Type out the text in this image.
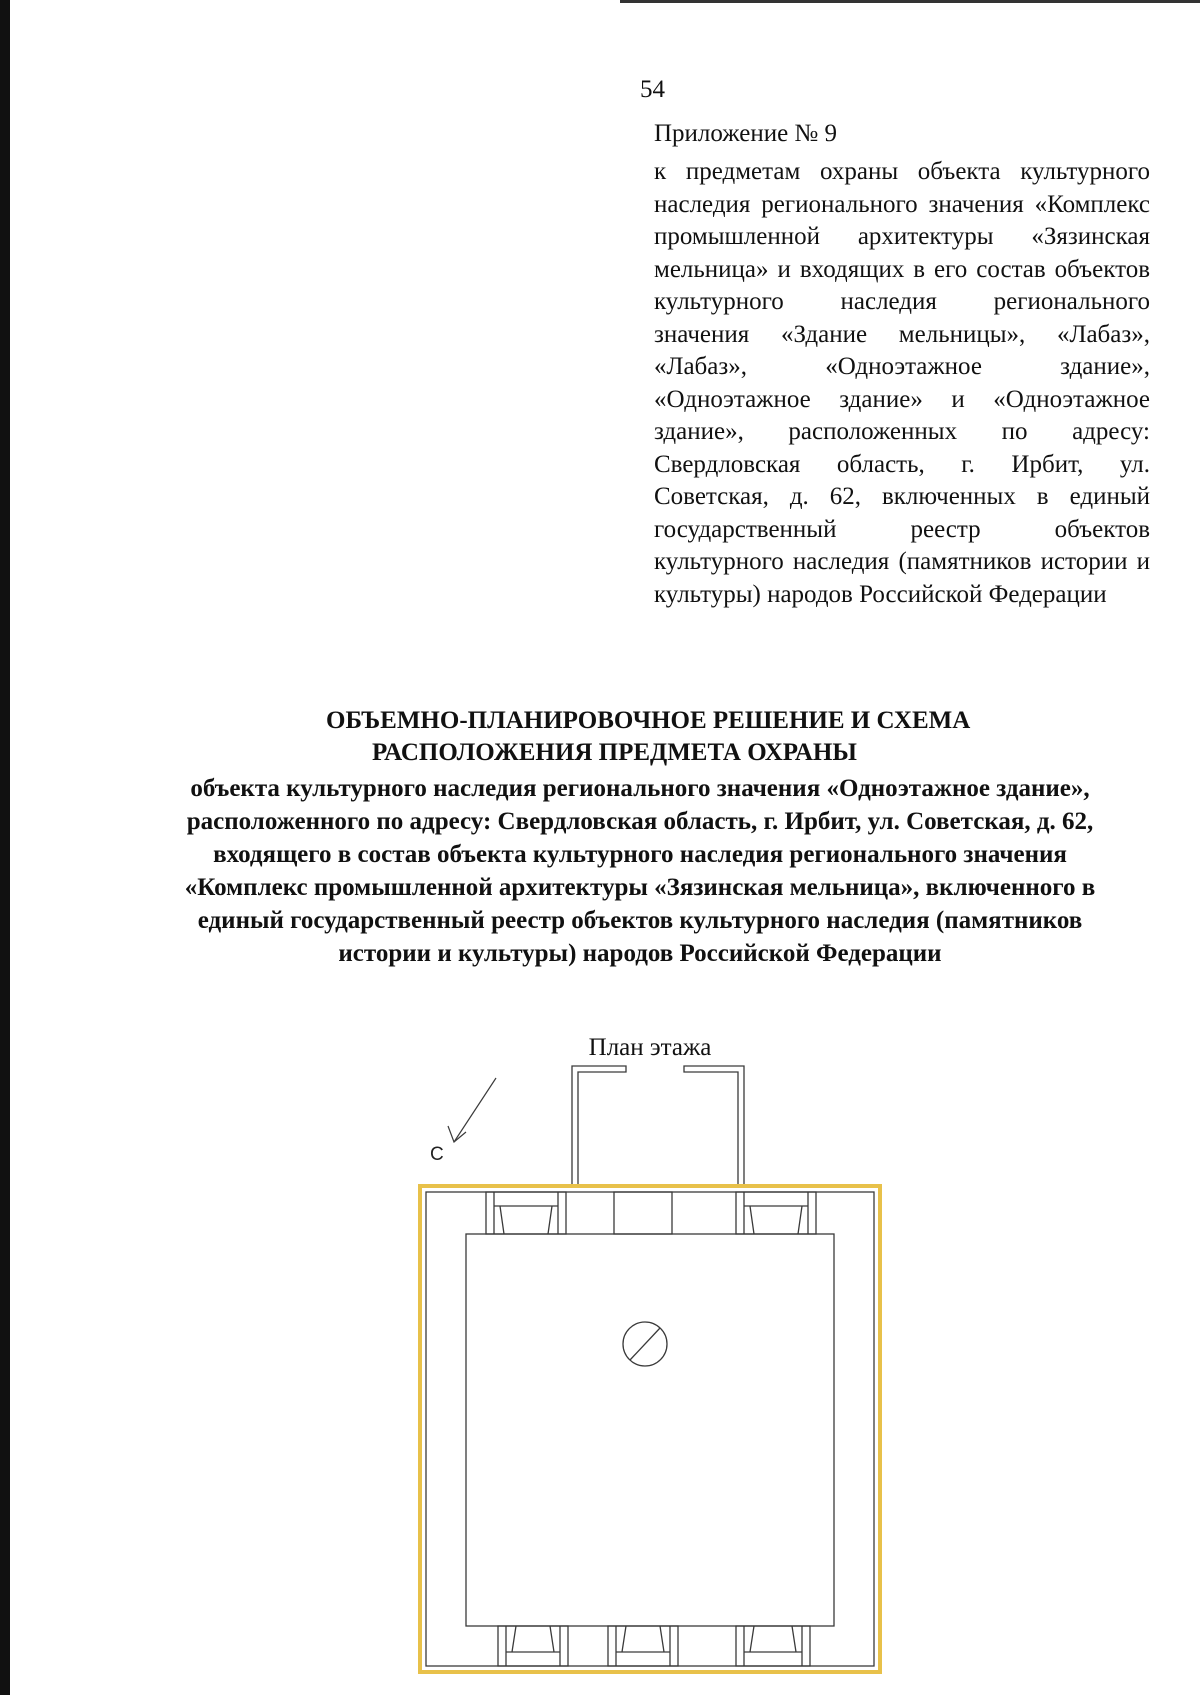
54
Приложение № 9

к предметам охраны объекта культурного наследия регионального значения «Комплекс промышленной архитектуры «Зязинская мельница» и входящих в его состав объектов культурного наследия регионального значения «Здание мельницы», «Лабаз», «Лабаз», «Одноэтажное здание», «Одноэтажное здание» и «Одноэтажное здание», расположенных по адресу: Свердловская область, г. Ирбит, ул. Советская, д. 62, включенных в единый государственный реестр объектов культурного наследия (памятников истории и культуры) народов Российской Федерации

ОБЪЕМНО-ПЛАНИРОВОЧНОЕ РЕШЕНИЕ И СХЕМА
РАСПОЛОЖЕНИЯ ПРЕДМЕТА ОХРАНЫ

объекта культурного наследия регионального значения «Одноэтажное здание», расположенного по адресу: Свердловская область, г. Ирбит, ул. Советская, д. 62, входящего в состав объекта культурного наследия регионального значения «Комплекс промышленной архитектуры «Зязинская мельница», включенного в единый государственный реестр объектов культурного наследия (памятников истории и культуры) народов Российской Федерации

План этажа
С
